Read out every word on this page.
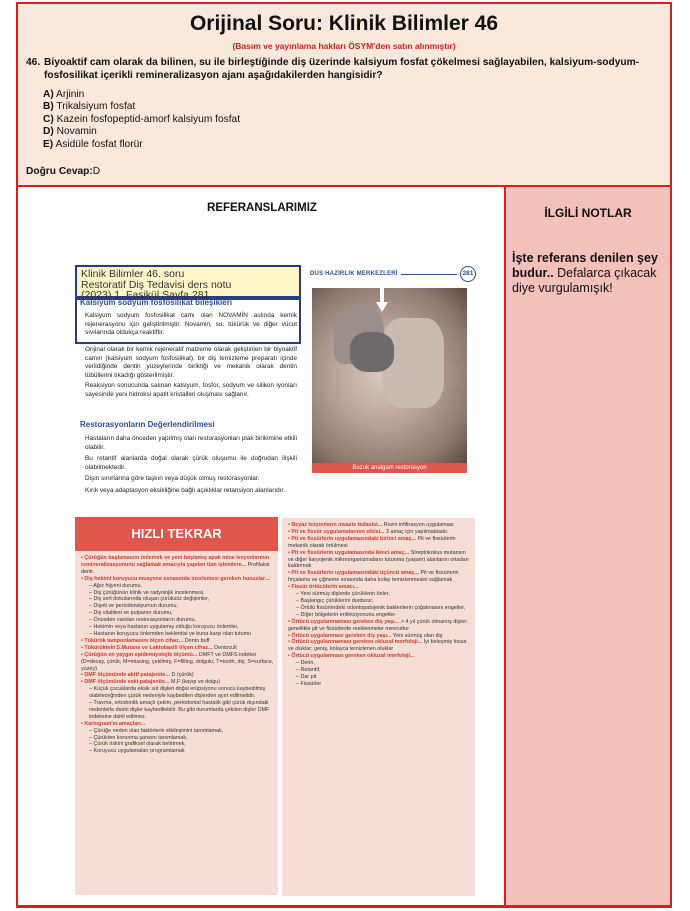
Orijinal Soru: Klinik Bilimler 46
(Basım ve yayınlama hakları ÖSYM'den satın alınmıştır)
46. Biyoaktif cam olarak da bilinen, su ile birleştiğinde diş üzerinde kalsiyum fosfat çökelmesi sağlayabilen, kalsiyum-sodyum-fosfosilikat içerikli remineralizasyon ajanı aşağıdakilerden hangisidir?
A) Arjinin
B) Trikalsiyum fosfat
C) Kazein fosfopeptid-amorf kalsiyum fosfat
D) Novamin
E) Asidüle fosfat florür
Doğru Cevap:D
REFERANSLARIMIZ
DUS HAZIRLIK MERKEZLERİ	281
Klinik Bilimler 46. soru
Restoratif Diş Tedavisi ders notu
(2023) 1. Fasikül Sayfa 281
Kalsiyum sodyum fosfosilikat bileşikleri
Kalsiyum sodyum fosfosilikat camı olan NOVAMİN aslında kemik rejenerasyonu için geliştirilmiştir. Novamin, su, tükürük ve diğer vücut sıvılarında oldukça reaktiftir.
Orijinal olarak bir kemik rejeneratif malzeme olarak geliştirilen bir biyoaktif camın (kalsiyum sodyum fosfosilikat), bir diş temizleme preparatı içinde verildiğinde dentin yüzeylerinde biriktiği ve mekanik olarak dentin tübüllerini tıkadığı gösterilmiştir.
Reaksiyon sonucunda salınan kalsiyum, fosfor, sodyum ve silikon iyonları sayesinde yeni hidroksi apatit kristalleri oluşması sağlanır.
Restorasyonların Değerlendirilmesi
Hastaların daha önceden yapılmış olan restorasyonları plak birikimine etkili olabilir.
Bu retantif alanlarda doğal olarak çürük oluşumu ile doğrudan ilişkili olabilmektedir.
Dişin sınırlarına göre taşkın veya düşük olmuş restorasyonlar.
Kırık veya adaptasyon eksikliğine bağlı açıklıklar retansiyon alanlarıdır.
Bozuk analgam restorasyon
HIZLI TEKRAR
• Çürüğün başlamasını önlemek ve yeni başlamış apak mine lezyonlarının remineralizasyonunu sağlamak amacıyla yapılan tüm işlemlere... Profilaksi denir.
• Diş hekimi koruyucu muayene esnasında incelemesi gereken hususlar...
– Ağız hijyeni durumu,
– Diş çürüğünün klinik ve radyolojik incelenmesi,
– Diş sert dokularında oluşan çürüksüz değişimler,
– Dişeti ve periodonsiyumun durumu,
– Diş vitalitesi ve pulpanın durumu,
– Önceden varolan restorasyonların durumu,
– Hekimin veya hastanın uygulamış olduğu koruyucu önlemler,
– Hastanın koruyucu önlemden beklentisi ve buna karşı olan tutumu
• Tükürük tamponlamasını ölçen cihaz... Dento buff
• Tükürükteki S.Mutans ve Laktobasili ölçen cihaz... Dentocult
• Çürüğün en yaygın epidemiyolojik ölçümü... DMFT ve DMFS indeksi (D=decay, çürük; M=missing, çekilmiş; F=filling, dolgulu; T=tooth, diş; S=surface, yüzey)
• DMF ölçümünde aktif patajenite... D (çürük)
• DMF ölçümünde eski patajenite... M,F (kayıp ve dolgu)
– Küçük çocuklarda eksik süt dişleri doğal erüpsiyonu sonucu kaybedilmiş olabileceğinden çürük nedeniyle kaybedilen dişlerden ayırt edilmelidir.
– Travma, ortodontik amaçlı çekim, periodontal hastalık gibi çürük dışındaki nedenlerle daimi dişler kaybedilebilir. Bu gibi durumlarda çekilen dişler DMF indeksine dahil edilmez.
• Kariogram'ın amaçları...
– Çürüğe neden olan faktörlerin etkileşimini tanımlamak,
– Çürükten korunma şansını tanımlamak,
– Çürük riskini grafiksel olarak belirtmek,
– Koruyucu uygulamaları programlamak
• Beyaz lezyonların invaziv tedavisi... Rezin infiltrasyon uygulaması
• Pit ve fissür uygulamalarının etkisi... 3 amaç için yapılmaktadır.
• Pit ve fissürlerin uygulamasındaki birinci amaç... Pit ve fissürlerin mekanik olarak örtülmesi
• Pit ve fissürlerin uygulamasında ikinci amaç... Streptokokus mutansın ve diğer karyojenik mikroorganizmaların tutunma (yaşam) alanlarını ortadan kaldırmak
• Pit ve fissürlerin uygulamasındaki üçüncü amaç... Pit ve fissürlerin fırçalama ve çiğneme sırasında daha kolay temizlenmesini sağlamak
• Fissür örtücülerin amacı...
– Yeni sürmüş dişlerde çürüklerin önler,
– Başlangıç çürüklerini durdurur,
– Örtülü fissürlerdeki odontopatojenik bakterilerin çoğalmasını engeller,
– Diğer bölgelerin enfeksiyonunu engeller
• Örtücü uygulanmaması gereken diş yaşı... > 4 yıl çürük olmamış dişler; genellikle pit ve fissürlerde reeklenmeler mevcuttur
• Örtücü uygulanması gereken diş yaşı... Yeni sürmüş olan diş
• Örtücü uygulanmaması gereken okluzal morfoloji... İyi birleşmiş fossa ve oluklar; geniş, kolayca temizlenen oluklar
• Örtücü uygulanması gereken okluzal morfoloji...
– Derin,
– Retantif,
– Dar pit
– Fissürler
İLGİLİ NOTLAR
İşte referans denilen şey budur.. Defalarca çıkacak diye vurgulamışık!
